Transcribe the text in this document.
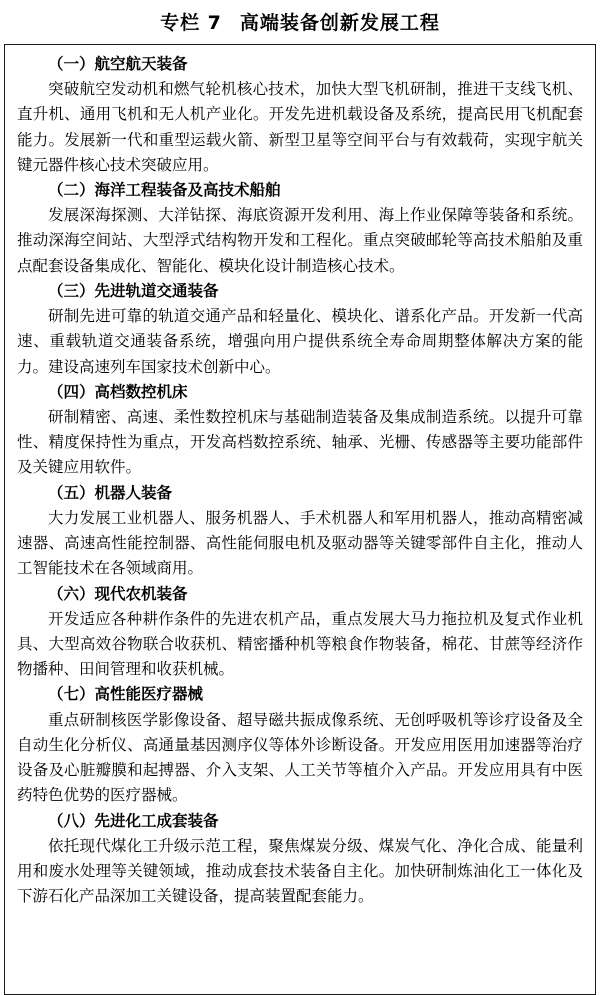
专栏 7 高端装备创新发展工程
（一）航空航天装备
突破航空发动机和燃气轮机核心技术，加快大型飞机研制，推进干支线飞机、直升机、通用飞机和无人机产业化。开发先进机载设备及系统，提高民用飞机配套能力。发展新一代和重型运载火箭、新型卫星等空间平台与有效载荷，实现宇航关键元器件核心技术突破应用。
（二）海洋工程装备及高技术船舶
发展深海探测、大洋钻探、海底资源开发利用、海上作业保障等装备和系统。推动深海空间站、大型浮式结构物开发和工程化。重点突破邮轮等高技术船舶及重点配套设备集成化、智能化、模块化设计制造核心技术。
（三）先进轨道交通装备
研制先进可靠的轨道交通产品和轻量化、模块化、谱系化产品。开发新一代高速、重载轨道交通装备系统，增强向用户提供系统全寿命周期整体解决方案的能力。建设高速列车国家技术创新中心。
（四）高档数控机床
研制精密、高速、柔性数控机床与基础制造装备及集成制造系统。以提升可靠性、精度保持性为重点，开发高档数控系统、轴承、光栅、传感器等主要功能部件及关键应用软件。
（五）机器人装备
大力发展工业机器人、服务机器人、手术机器人和军用机器人，推动高精密减速器、高速高性能控制器、高性能伺服电机及驱动器等关键零部件自主化，推动人工智能技术在各领域商用。
（六）现代农机装备
开发适应各种耕作条件的先进农机产品，重点发展大马力拖拉机及复式作业机具、大型高效谷物联合收获机、精密播种机等粮食作物装备，棉花、甘蔗等经济作物播种、田间管理和收获机械。
（七）高性能医疗器械
重点研制核医学影像设备、超导磁共振成像系统、无创呼吸机等诊疗设备及全自动生化分析仪、高通量基因测序仪等体外诊断设备。开发应用医用加速器等治疗设备及心脏瓣膜和起搏器、介入支架、人工关节等植介入产品。开发应用具有中医药特色优势的医疗器械。
（八）先进化工成套装备
依托现代煤化工升级示范工程，聚焦煤炭分级、煤炭气化、净化合成、能量利用和废水处理等关键领域，推动成套技术装备自主化。加快研制炼油化工一体化及下游石化产品深加工关键设备，提高装置配套能力。
